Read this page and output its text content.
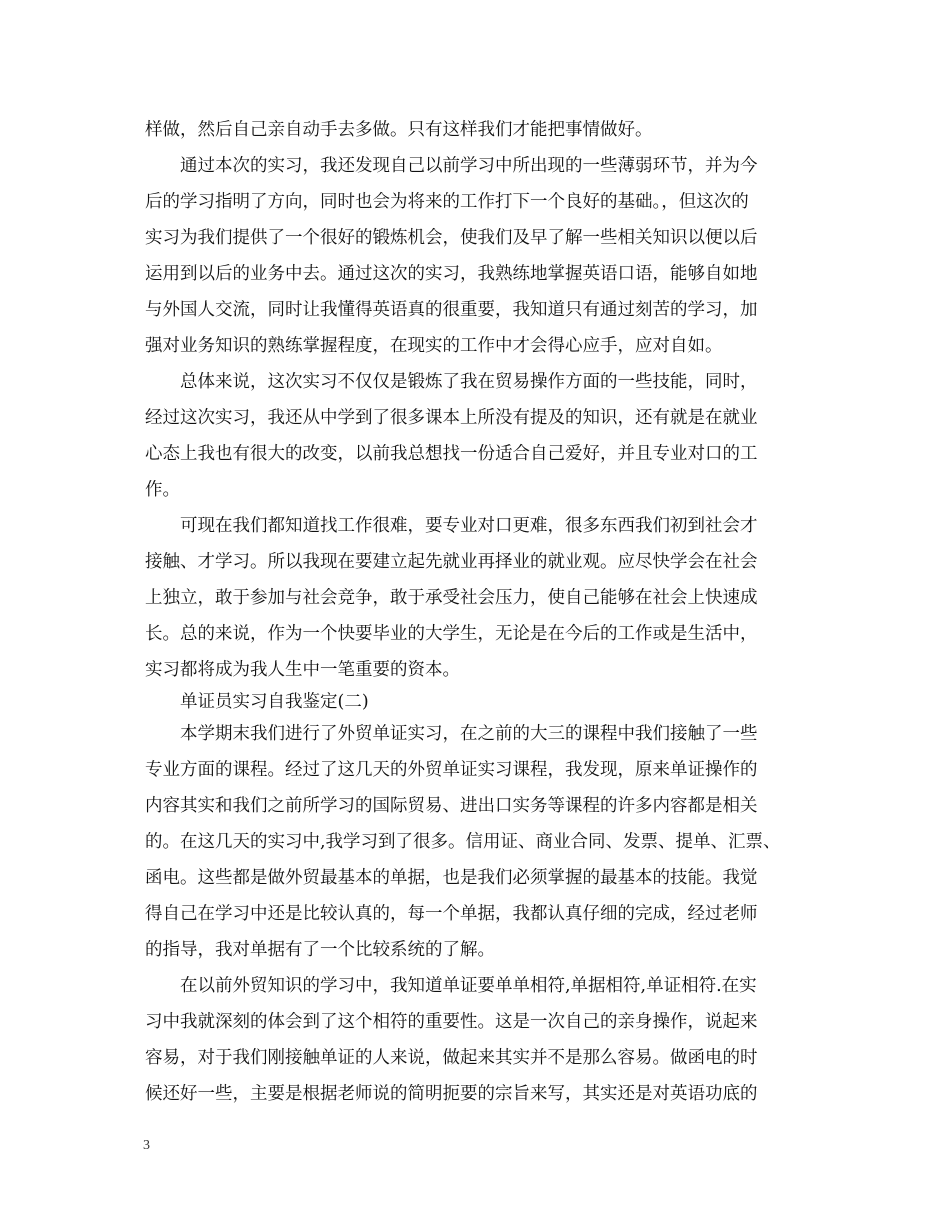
样做，然后自己亲自动手去多做。只有这样我们才能把事情做好。
通过本次的实习，我还发现自己以前学习中所出现的一些薄弱环节，并为今
后的学习指明了方向，同时也会为将来的工作打下一个良好的基础。，但这次的
实习为我们提供了一个很好的锻炼机会，使我们及早了解一些相关知识以便以后
运用到以后的业务中去。通过这次的实习，我熟练地掌握英语口语，能够自如地
与外国人交流，同时让我懂得英语真的很重要，我知道只有通过刻苦的学习，加
强对业务知识的熟练掌握程度，在现实的工作中才会得心应手，应对自如。
总体来说，这次实习不仅仅是锻炼了我在贸易操作方面的一些技能，同时，
经过这次实习，我还从中学到了很多课本上所没有提及的知识，还有就是在就业
心态上我也有很大的改变，以前我总想找一份适合自己爱好，并且专业对口的工
作。
可现在我们都知道找工作很难，要专业对口更难，很多东西我们初到社会才
接触、才学习。所以我现在要建立起先就业再择业的就业观。应尽快学会在社会
上独立，敢于参加与社会竞争，敢于承受社会压力，使自己能够在社会上快速成
长。总的来说，作为一个快要毕业的大学生，无论是在今后的工作或是生活中，
实习都将成为我人生中一笔重要的资本。
单证员实习自我鉴定(二)
本学期末我们进行了外贸单证实习，在之前的大三的课程中我们接触了一些
专业方面的课程。经过了这几天的外贸单证实习课程，我发现，原来单证操作的
内容其实和我们之前所学习的国际贸易、进出口实务等课程的许多内容都是相关
的。在这几天的实习中,我学习到了很多。信用证、商业合同、发票、提单、汇票、
函电。这些都是做外贸最基本的单据，也是我们必须掌握的最基本的技能。我觉
得自己在学习中还是比较认真的，每一个单据，我都认真仔细的完成，经过老师
的指导，我对单据有了一个比较系统的了解。
在以前外贸知识的学习中，我知道单证要单单相符,单据相符,单证相符.在实
习中我就深刻的体会到了这个相符的重要性。这是一次自己的亲身操作，说起来
容易，对于我们刚接触单证的人来说，做起来其实并不是那么容易。做函电的时
候还好一些，主要是根据老师说的简明扼要的宗旨来写，其实还是对英语功底的
3
